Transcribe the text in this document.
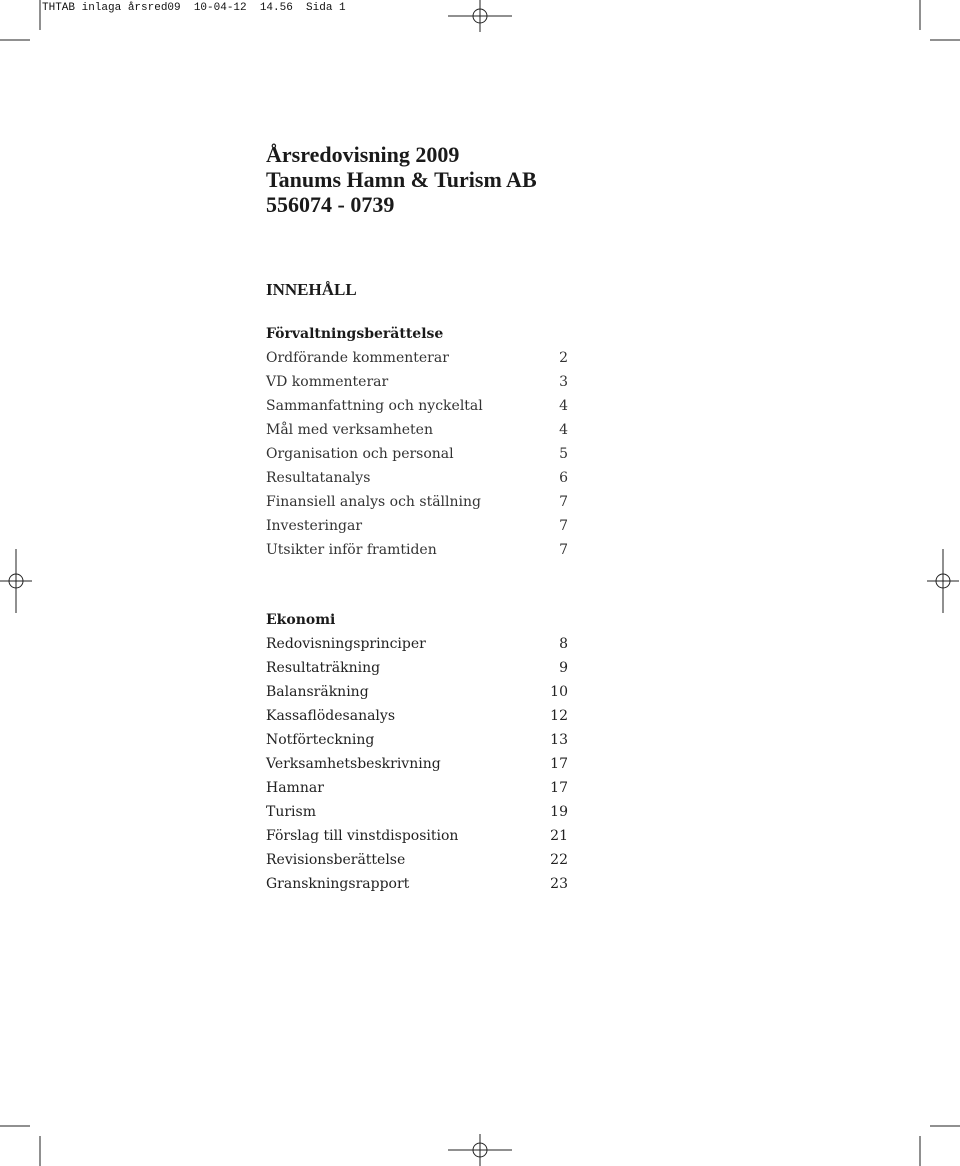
THTAB inlaga årsred09  10-04-12  14.56  Sida 1
Årsredovisning 2009
Tanums Hamn & Turism AB
556074 - 0739
INNEHÅLL
Förvaltningsberättelse
Ordförande kommenterar	2
VD kommenterar	3
Sammanfattning och nyckeltal	4
Mål med verksamheten	4
Organisation och personal	5
Resultatanalys	6
Finansiell analys och ställning	7
Investeringar	7
Utsikter inför framtiden	7
Ekonomi
Redovisningsprinciper	8
Resultaträkning	9
Balansräkning	10
Kassaflödesanalys	12
Notförteckning	13
Verksamhetsbeskrivning	17
Hamnar	17
Turism	19
Förslag till vinstdisposition	21
Revisionsberättelse	22
Granskningsrapport	23
